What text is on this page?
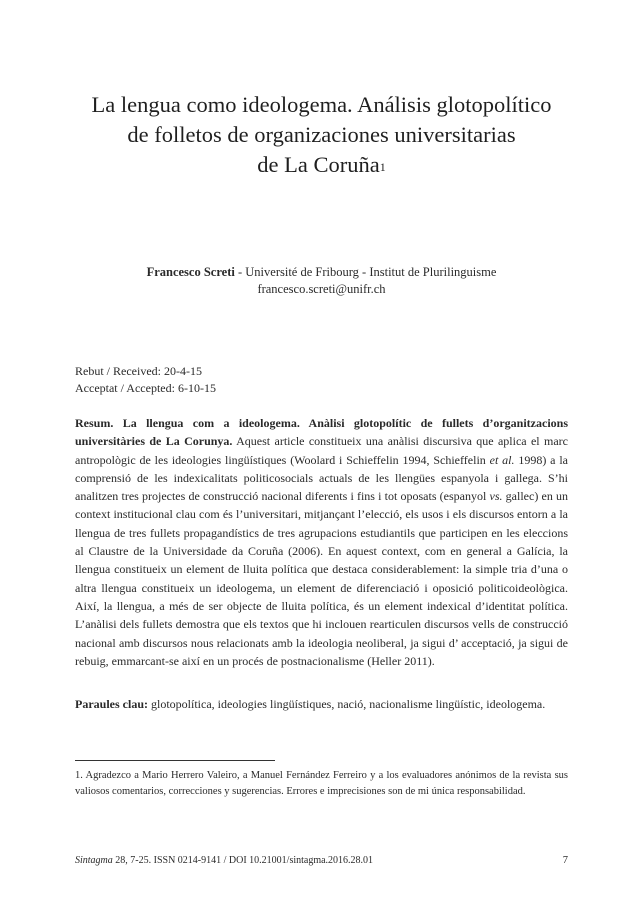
La lengua como ideologema. Análisis glotopolítico
de folletos de organizaciones universitarias
de La Coruña$^1$
Francesco Screti - Université de Fribourg - Institut de Plurilinguisme
francesco.screti@unifr.ch
Rebut / Received: 20-4-15
Acceptat / Accepted: 6-10-15
Resum. La llengua com a ideologema. Anàlisi glotopolític de fullets d’organitzacions universitàries de La Corunya. Aquest article constitueix una anàlisi discursiva que aplica el marc antropològic de les ideologies lingüístiques (Woolard i Schieffelin 1994, Schieffelin et al. 1998) a la comprensió de les indexicalitats politicosocials actuals de les llengües espanyola i gallega. S’hi analitzen tres projectes de construcció nacional diferents i fins i tot oposats (espanyol vs. gallec) en un context institucional clau com és l’universitari, mitjançant l’elecció, els usos i els discursos entorn a la llengua de tres fullets propagandístics de tres agrupacions estudiantils que participen en les eleccions al Claustre de la Universidade da Coruña (2006). En aquest context, com en general a Galícia, la llengua constitueix un element de lluita política que destaca considerablement: la simple tria d’una o altra llengua constitueix un ideologema, un element de diferenciació i oposició politicoideològica. Així, la llengua, a més de ser objecte de lluita política, és un element indexical d’identitat política. L’anàlisi dels fullets demostra que els textos que hi inclouen rearticulen discursos vells de construcció nacional amb discursos nous relacionats amb la ideologia neoliberal, ja sigui d’ acceptació, ja sigui de rebuig, emmarcant-se així en un procés de postnacionalisme (Heller 2011).
Paraules clau: glotopolítica, ideologies lingüístiques, nació, nacionalisme lingüístic, ideologema.
1. Agradezco a Mario Herrero Valeiro, a Manuel Fernández Ferreiro y a los evaluadores anónimos de la revista sus valiosos comentarios, correcciones y sugerencias. Errores e imprecisiones son de mi única responsabilidad.
Sintagma 28, 7-25. ISSN 0214-9141 / DOI 10.21001/sintagma.2016.28.01	7
